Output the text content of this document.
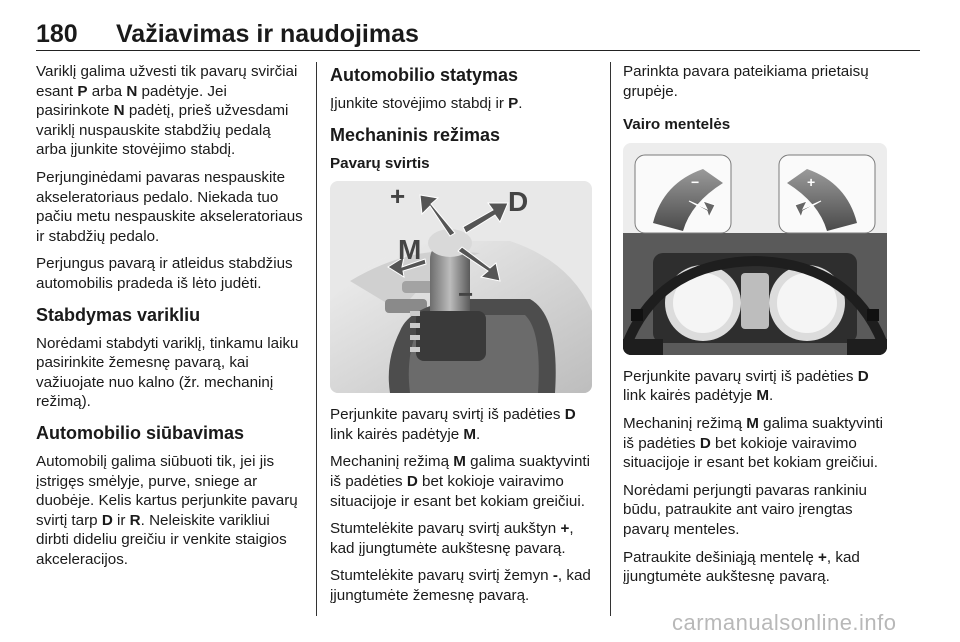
180 Važiavimas ir naudojimas

Variklį galima užvesti tik pavarų svirčiai esant P arba N padėtyje. Jei pasirinkote N padėtį, prieš užvesdami variklį nuspauskite stabdžių pedalą arba įjunkite stovėjimo stabdį.

Perjunginėdami pavaras nespauskite akseleratoriaus pedalo. Niekada tuo pačiu metu nespauskite akseleratoriaus ir stabdžių pedalo.

Perjungus pavarą ir atleidus stabdžius automobilis pradeda iš lėto judėti.

Stabdymas varikliu

Norėdami stabdyti variklį, tinkamu laiku pasirinkite žemesnę pavarą, kai važiuojate nuo kalno (žr. mechaninį režimą).

Automobilio siūbavimas

Automobilį galima siūbuoti tik, jei jis įstrigęs smėlyje, purve, sniege ar duobėje. Kelis kartus perjunkite pavarų svirtį tarp D ir R. Neleiskite varikliui dirbti dideliu greičiu ir venkite staigios akceleracijos.

Automobilio statymas

Įjunkite stovėjimo stabdį ir P.

Mechaninis režimas
Pavarų svirtis
+
−
D
M

Perjunkite pavarų svirtį iš padėties D link kairės padėtyje M.

Mechaninį režimą M galima suaktyvinti iš padėties D bet kokioje vairavimo situacijoje ir esant bet kokiam greičiui.

Stumtelėkite pavarų svirtį aukštyn +, kad įjungtumėte aukštesnę pavarą.

Stumtelėkite pavarų svirtį žemyn -, kad įjungtumėte žemesnę pavarą.

Parinkta pavara pateikiama prietaisų grupėje.

Vairo mentelės
−	+

Perjunkite pavarų svirtį iš padėties D link kairės padėtyje M.

Mechaninį režimą M galima suaktyvinti iš padėties D bet kokioje vairavimo situacijoje ir esant bet kokiam greičiui.

Norėdami perjungti pavaras rankiniu būdu, patraukite ant vairo įrengtas pavarų menteles.

Patraukite dešiniąją mentelę +, kad įjungtumėte aukštesnę pavarą.

carmanualsonline.info
